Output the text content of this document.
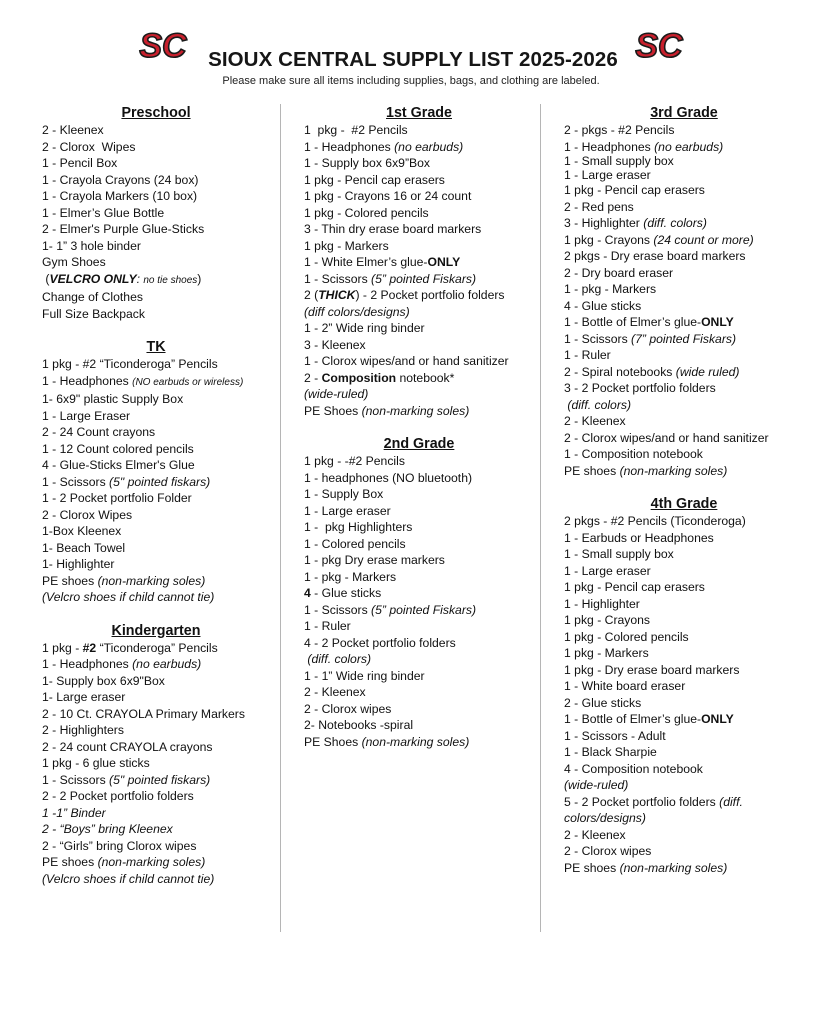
SC	SIOUX CENTRAL SUPPLY LIST 2025-2026 SC
Please make sure all items including supplies, bags, and clothing are labeled.
Preschool
2 - Kleenex
2 - Clorox  Wipes
1 - Pencil Box
1 - Crayola Crayons (24 box)
1 - Crayola Markers (10 box)
1 - Elmer’s Glue Bottle
2 - Elmer's Purple Glue-Sticks
1- 1” 3 hole binder
Gym Shoes
(VELCRO ONLY: no tie shoes)
Change of Clothes
Full Size Backpack
TK
1 pkg - #2 “Ticonderoga” Pencils
1 - Headphones (NO earbuds or wireless)
1- 6x9" plastic Supply Box
1 - Large Eraser
2 - 24 Count crayons
1 - 12 Count colored pencils
4 - Glue-Sticks Elmer's Glue
1 - Scissors (5" pointed fiskars)
1 - 2 Pocket portfolio Folder
2 - Clorox Wipes
1-Box Kleenex
1- Beach Towel
1- Highlighter
PE shoes (non-marking soles)
(Velcro shoes if child cannot tie)
Kindergarten
1 pkg - #2 “Ticonderoga” Pencils
1 - Headphones (no earbuds)
1- Supply box 6x9"Box
1- Large eraser
2 - 10 Ct. CRAYOLA Primary Markers
2 - Highlighters
2 - 24 count CRAYOLA crayons
1 pkg - 6 glue sticks
1 - Scissors (5" pointed fiskars)
2 - 2 Pocket portfolio folders
1 -1” Binder
2 - “Boys” bring Kleenex
2 - “Girls” bring Clorox wipes
PE shoes (non-marking soles)
(Velcro shoes if child cannot tie)
1st Grade
1  pkg -  #2 Pencils
1 - Headphones (no earbuds)
1 - Supply box 6x9”Box
1 pkg - Pencil cap erasers
1 pkg - Crayons 16 or 24 count
1 pkg - Colored pencils
3 - Thin dry erase board markers
1 pkg - Markers
1 - White Elmer’s glue-ONLY
1 - Scissors (5” pointed Fiskars)
2 (THICK) - 2 Pocket portfolio folders
(diff colors/designs)
1 - 2” Wide ring binder
3 - Kleenex
1 - Clorox wipes/and or hand sanitizer
2 - Composition notebook*
(wide-ruled)
PE Shoes (non-marking soles)
2nd Grade
1 pkg - -#2 Pencils
1 - headphones (NO bluetooth)
1 - Supply Box
1 - Large eraser
1 -  pkg Highlighters
1 - Colored pencils
1 - pkg Dry erase markers
1 - pkg - Markers
4 - Glue sticks
1 - Scissors (5” pointed Fiskars)
1 - Ruler
4 - 2 Pocket portfolio folders
(diff. colors)
1 - 1” Wide ring binder
2 - Kleenex
2 - Clorox wipes
2- Notebooks -spiral
PE Shoes (non-marking soles)
3rd Grade
2 - pkgs - #2 Pencils
1 - Headphones (no earbuds)
1 - Small supply box
1 - Large eraser
1 pkg - Pencil cap erasers
2 - Red pens
3 - Highlighter (diff. colors)
1 pkg - Crayons (24 count or more)
2 pkgs - Dry erase board markers
2 - Dry board eraser
1 - pkg - Markers
4 - Glue sticks
1 - Bottle of Elmer’s glue-ONLY
1 - Scissors (7” pointed Fiskars)
1 - Ruler
2 - Spiral notebooks (wide ruled)
3 - 2 Pocket portfolio folders
(diff. colors)
2 - Kleenex
2 - Clorox wipes/and or hand sanitizer
1 - Composition notebook
PE shoes (non-marking soles)
4th Grade
2 pkgs - #2 Pencils (Ticonderoga)
1 - Earbuds or Headphones
1 - Small supply box
1 - Large eraser
1 pkg - Pencil cap erasers
1 - Highlighter
1 pkg - Crayons
1 pkg - Colored pencils
1 pkg - Markers
1 pkg - Dry erase board markers
1 - White board eraser
2 - Glue sticks
1 - Bottle of Elmer’s glue-ONLY
1 - Scissors - Adult
1 - Black Sharpie
4 - Composition notebook
(wide-ruled)
5 - 2 Pocket portfolio folders (diff.
colors/designs)
2 - Kleenex
2 - Clorox wipes
PE shoes (non-marking soles)
